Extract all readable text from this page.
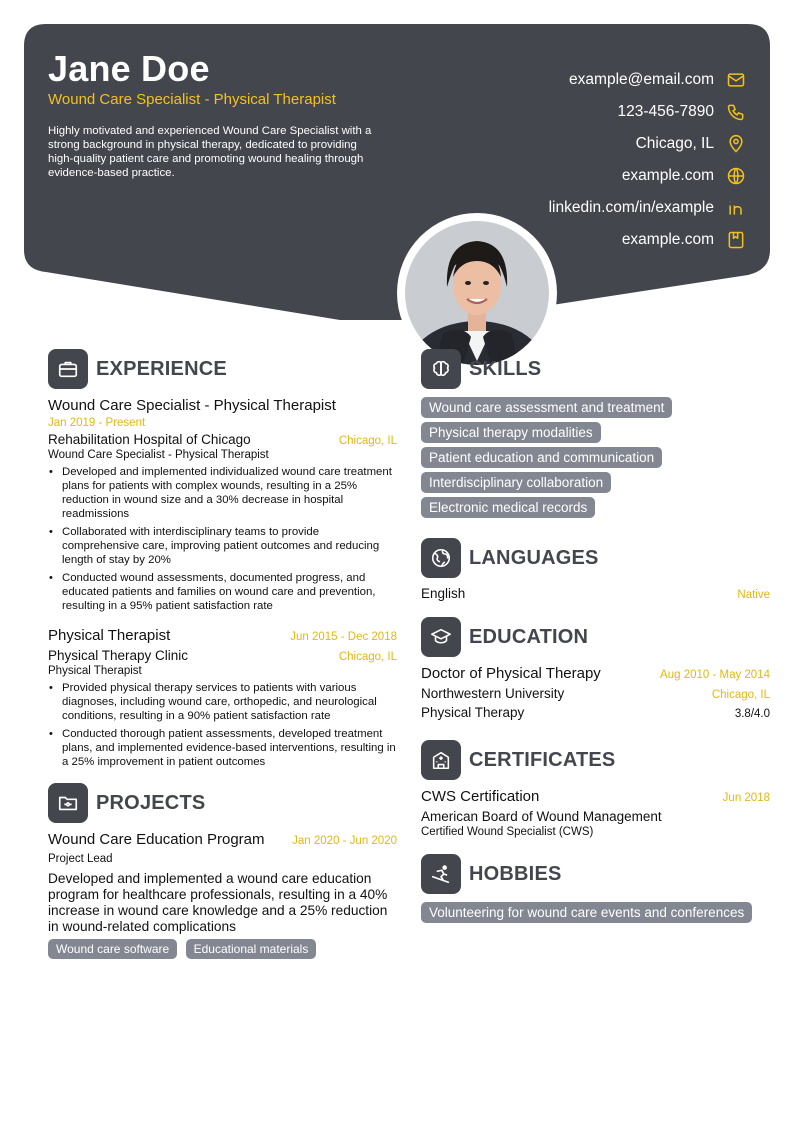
Jane Doe
Wound Care Specialist - Physical Therapist
Highly motivated and experienced Wound Care Specialist with a strong background in physical therapy, dedicated to providing high-quality patient care and promoting wound healing through evidence-based practice.
example@email.com
123-456-7890
Chicago, IL
example.com
linkedin.com/in/example
example.com
EXPERIENCE
Wound Care Specialist - Physical Therapist
Jan 2019 - Present
Rehabilitation Hospital of Chicago	Chicago, IL
Wound Care Specialist - Physical Therapist
• Developed and implemented individualized wound care treatment plans for patients with complex wounds, resulting in a 25% reduction in wound size and a 30% decrease in hospital readmissions
• Collaborated with interdisciplinary teams to provide comprehensive care, improving patient outcomes and reducing length of stay by 20%
• Conducted wound assessments, documented progress, and educated patients and families on wound care and prevention, resulting in a 95% patient satisfaction rate
Physical Therapist	Jun 2015 - Dec 2018
Physical Therapy Clinic	Chicago, IL
Physical Therapist
• Provided physical therapy services to patients with various diagnoses, including wound care, orthopedic, and neurological conditions, resulting in a 90% patient satisfaction rate
• Conducted thorough patient assessments, developed treatment plans, and implemented evidence-based interventions, resulting in a 25% improvement in patient outcomes
PROJECTS
Wound Care Education Program Jan 2020 - Jun 2020
Project Lead
Developed and implemented a wound care education program for healthcare professionals, resulting in a 40% increase in wound care knowledge and a 25% reduction in wound-related complications
Wound care software Educational materials
SKILLS
Wound care assessment and treatment
Physical therapy modalities
Patient education and communication
Interdisciplinary collaboration
Electronic medical records
LANGUAGES
English	Native
EDUCATION
Doctor of Physical Therapy	Aug 2010 - May 2014
Northwestern University	Chicago, IL
Physical Therapy	3.8/4.0
CERTIFICATES
CWS Certification	Jun 2018
American Board of Wound Management
Certified Wound Specialist (CWS)
HOBBIES
Volunteering for wound care events and conferences
